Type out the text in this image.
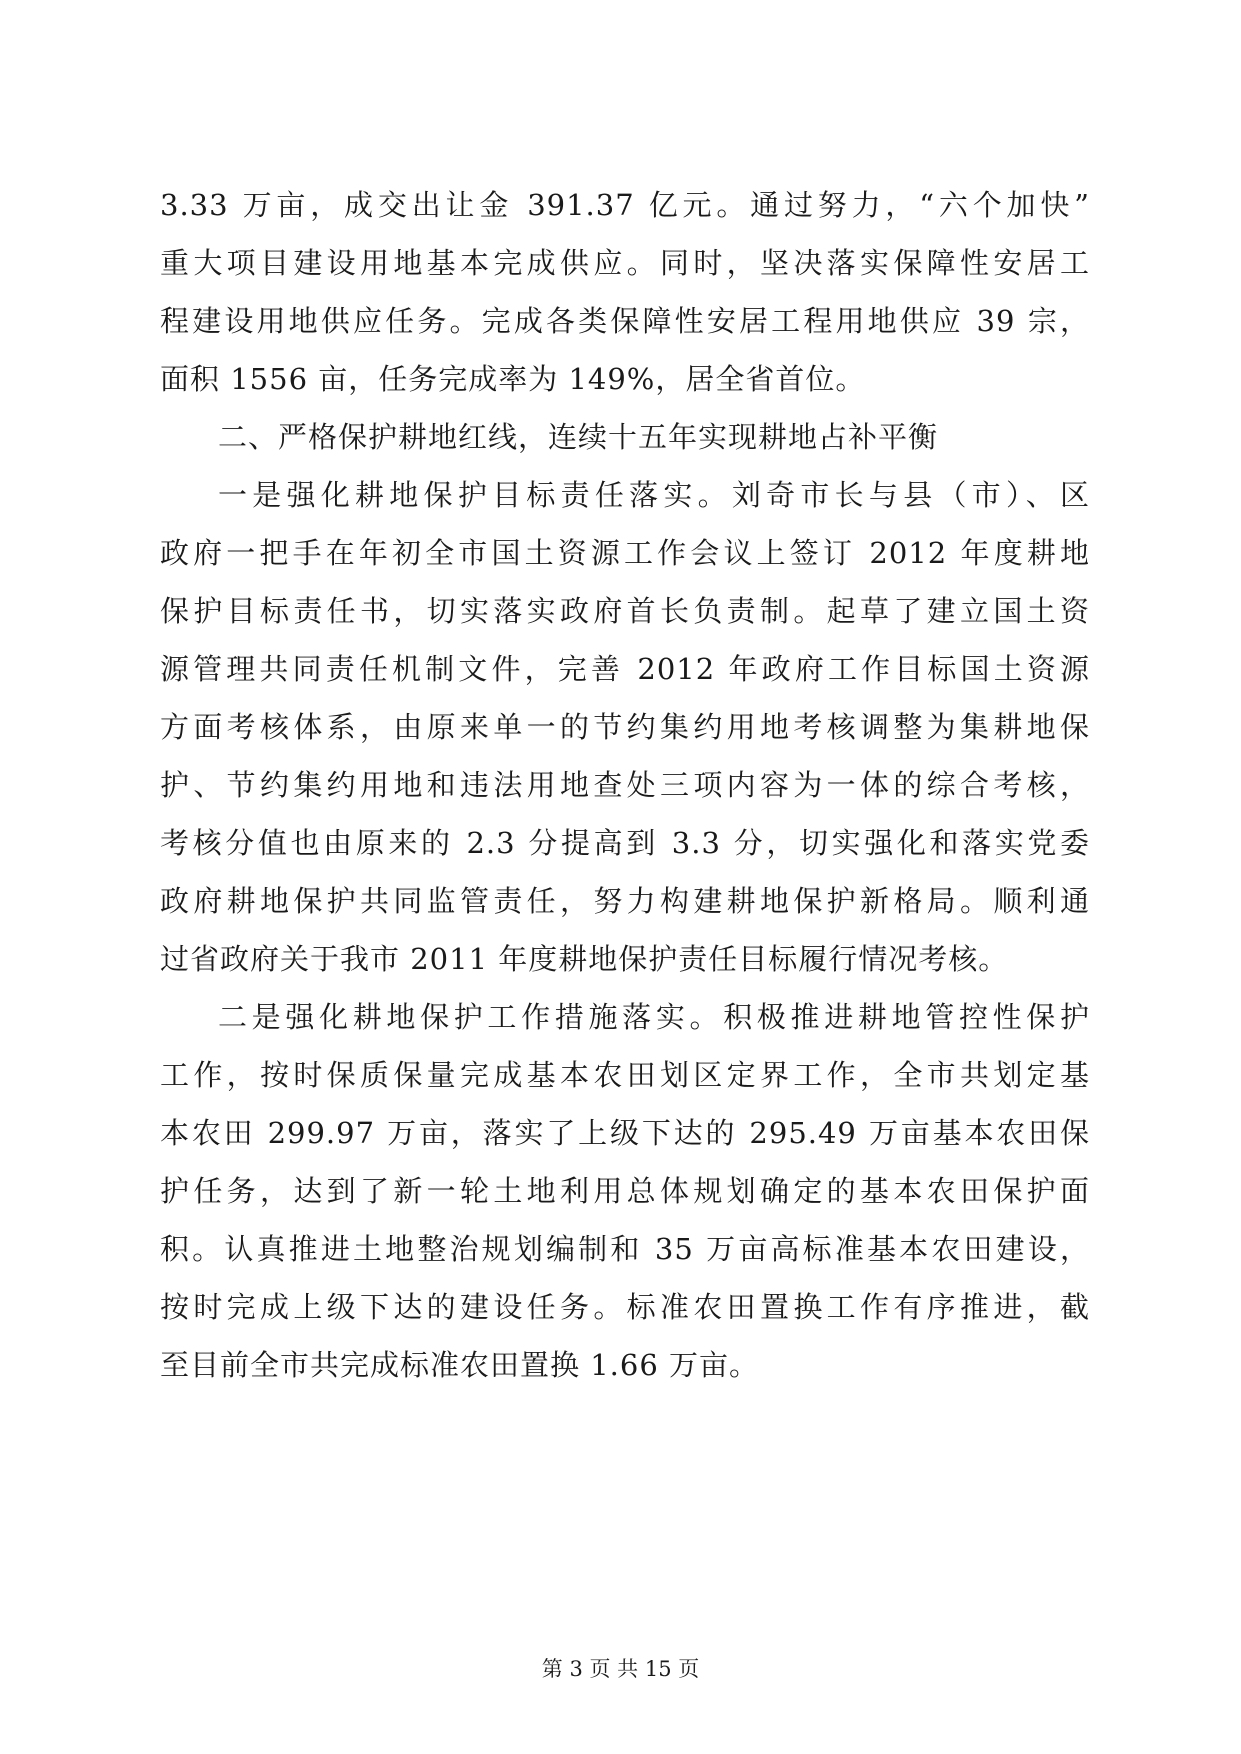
3.33 万亩，成交出让金 391.37 亿元。通过努力，“六个加快”
重大项目建设用地基本完成供应。同时，坚决落实保障性安居工
程建设用地供应任务。完成各类保障性安居工程用地供应 39 宗，
面积 1556 亩，任务完成率为 149%，居全省首位。
二、严格保护耕地红线，连续十五年实现耕地占补平衡
一是强化耕地保护目标责任落实。刘奇市长与县（市）、区
政府一把手在年初全市国土资源工作会议上签订 2012 年度耕地
保护目标责任书，切实落实政府首长负责制。起草了建立国土资
源管理共同责任机制文件，完善 2012 年政府工作目标国土资源
方面考核体系，由原来单一的节约集约用地考核调整为集耕地保
护、节约集约用地和违法用地查处三项内容为一体的综合考核，
考核分值也由原来的 2.3 分提高到 3.3 分，切实强化和落实党委
政府耕地保护共同监管责任，努力构建耕地保护新格局。顺利通
过省政府关于我市 2011 年度耕地保护责任目标履行情况考核。
二是强化耕地保护工作措施落实。积极推进耕地管控性保护
工作，按时保质保量完成基本农田划区定界工作，全市共划定基
本农田 299.97 万亩，落实了上级下达的 295.49 万亩基本农田保
护任务，达到了新一轮土地利用总体规划确定的基本农田保护面
积。认真推进土地整治规划编制和 35 万亩高标准基本农田建设，
按时完成上级下达的建设任务。标准农田置换工作有序推进，截
至目前全市共完成标准农田置换 1.66 万亩。
第 3 页 共 15 页
